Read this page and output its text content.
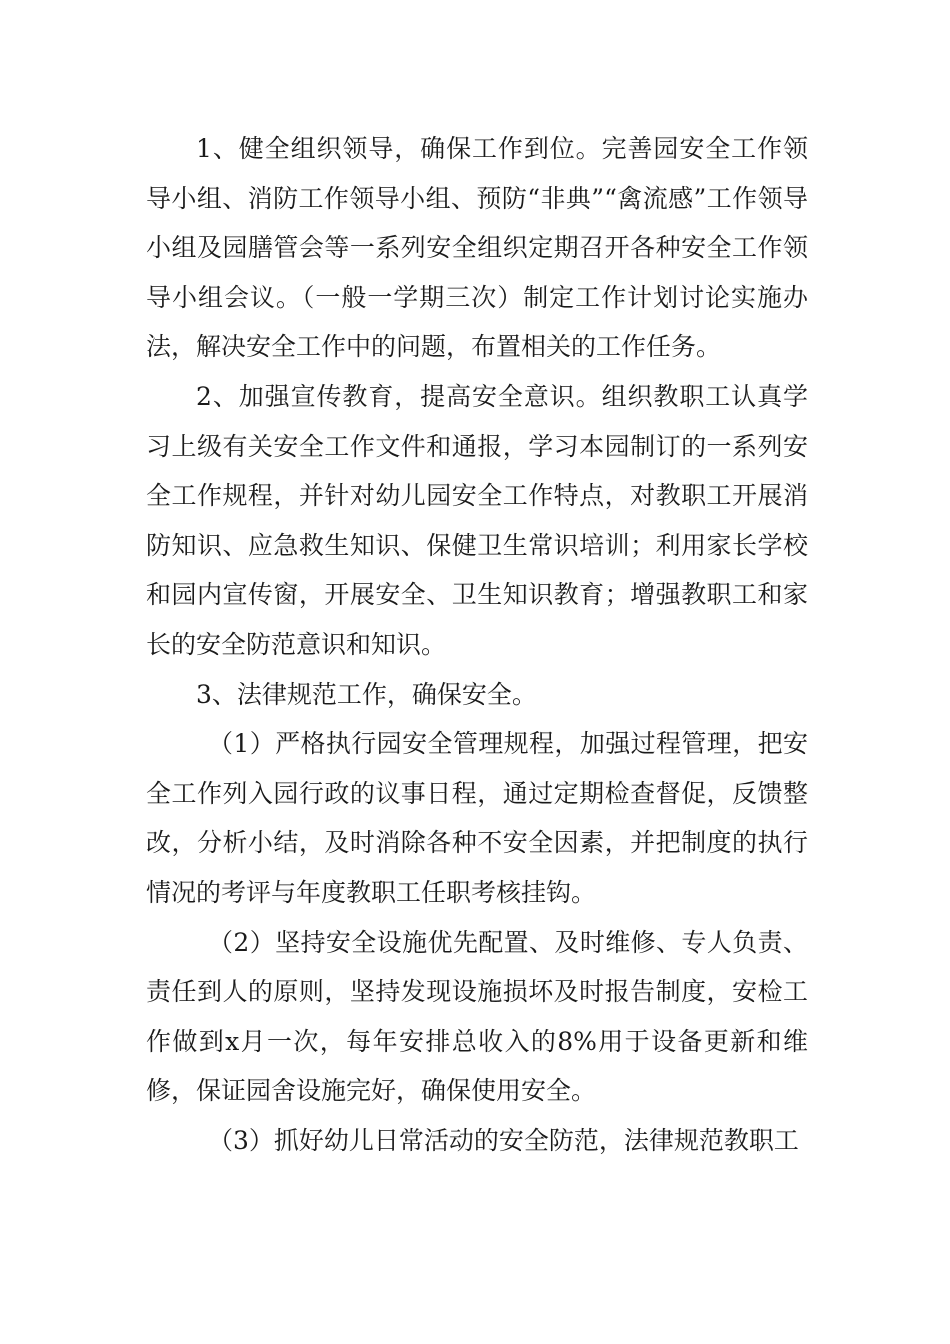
1、健全组织领导，确保工作到位。完善园安全工作领导小组、消防工作领导小组、预防“非典”“禽流感”工作领导小组及园膳管会等一系列安全组织定期召开各种安全工作领导小组会议。（一般一学期三次）制定工作计划讨论实施办法，解决安全工作中的问题，布置相关的工作任务。

2、加强宣传教育，提高安全意识。组织教职工认真学习上级有关安全工作文件和通报，学习本园制订的一系列安全工作规程，并针对幼儿园安全工作特点，对教职工开展消防知识、应急救生知识、保健卫生常识培训；利用家长学校和园内宣传窗，开展安全、卫生知识教育；增强教职工和家长的安全防范意识和知识。

3、法律规范工作，确保安全。

（1）严格执行园安全管理规程，加强过程管理，把安全工作列入园行政的议事日程，通过定期检查督促，反馈整改，分析小结，及时消除各种不安全因素，并把制度的执行情况的考评与年度教职工任职考核挂钩。

（2）坚持安全设施优先配置、及时维修、专人负责、责任到人的原则，坚持发现设施损坏及时报告制度，安检工作做到x月一次，每年安排总收入的8%用于设备更新和维修，保证园舍设施完好，确保使用安全。

（3）抓好幼儿日常活动的安全防范，法律规范教职工
